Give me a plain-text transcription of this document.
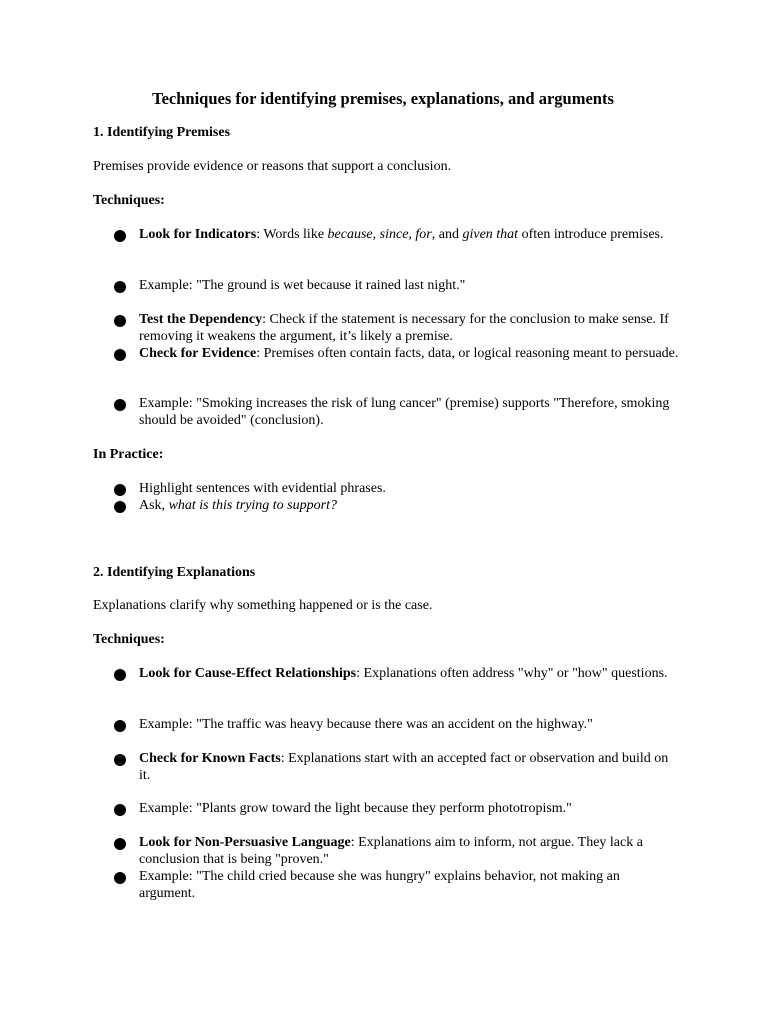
Techniques for identifying premises, explanations, and arguments
1. Identifying Premises
Premises provide evidence or reasons that support a conclusion.
Techniques:
Look for Indicators: Words like because, since, for, and given that often introduce premises.
Example: "The ground is wet because it rained last night."
Test the Dependency: Check if the statement is necessary for the conclusion to make sense. If removing it weakens the argument, it’s likely a premise.
Check for Evidence: Premises often contain facts, data, or logical reasoning meant to persuade.
Example: "Smoking increases the risk of lung cancer" (premise) supports "Therefore, smoking should be avoided" (conclusion).
In Practice:
Highlight sentences with evidential phrases.
Ask, what is this trying to support?
2. Identifying Explanations
Explanations clarify why something happened or is the case.
Techniques:
Look for Cause-Effect Relationships: Explanations often address "why" or "how" questions.
Example: "The traffic was heavy because there was an accident on the highway."
Check for Known Facts: Explanations start with an accepted fact or observation and build on it.
Example: "Plants grow toward the light because they perform phototropism."
Look for Non-Persuasive Language: Explanations aim to inform, not argue. They lack a conclusion that is being "proven."
Example: "The child cried because she was hungry" explains behavior, not making an argument.
